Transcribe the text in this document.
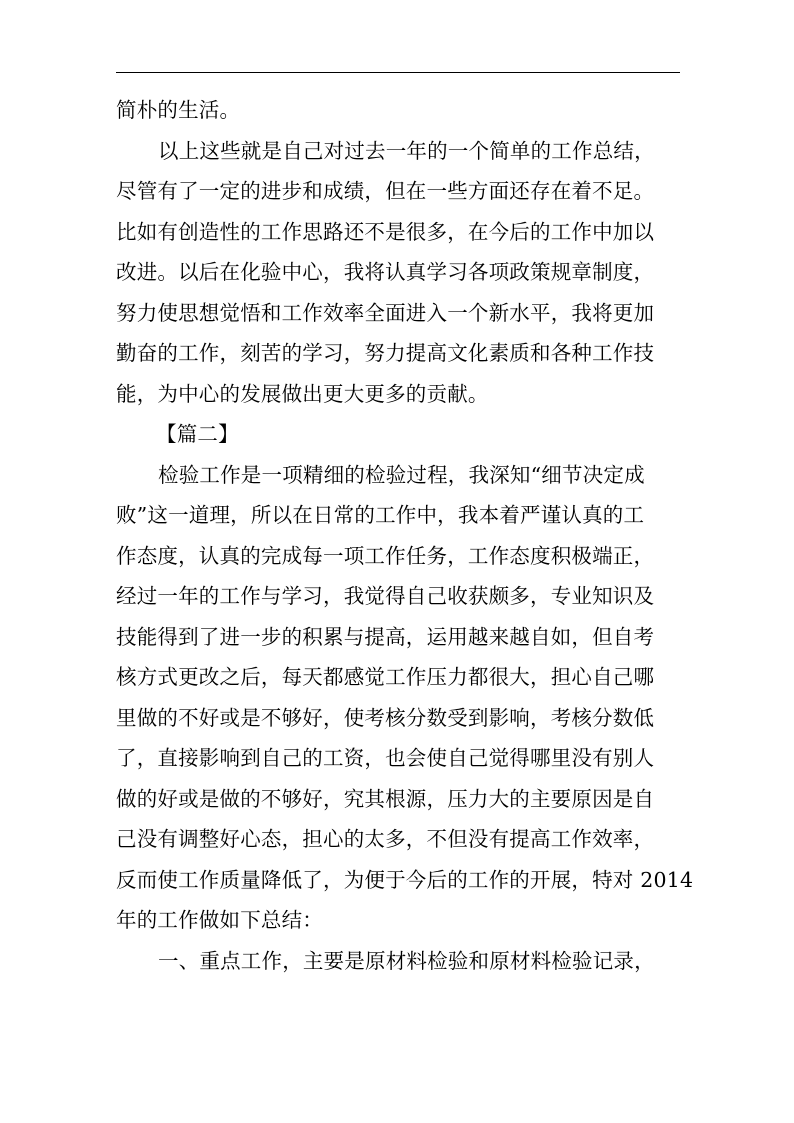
简朴的生活。
以上这些就是自己对过去一年的一个简单的工作总结，
尽管有了一定的进步和成绩，但在一些方面还存在着不足。
比如有创造性的工作思路还不是很多，在今后的工作中加以
改进。以后在化验中心，我将认真学习各项政策规章制度，
努力使思想觉悟和工作效率全面进入一个新水平，我将更加
勤奋的工作，刻苦的学习，努力提高文化素质和各种工作技
能，为中心的发展做出更大更多的贡献。
【篇二】
检验工作是一项精细的检验过程，我深知“细节决定成
败”这一道理，所以在日常的工作中，我本着严谨认真的工
作态度，认真的完成每一项工作任务，工作态度积极端正，
经过一年的工作与学习，我觉得自己收获颇多，专业知识及
技能得到了进一步的积累与提高，运用越来越自如，但自考
核方式更改之后，每天都感觉工作压力都很大，担心自己哪
里做的不好或是不够好，使考核分数受到影响，考核分数低
了，直接影响到自己的工资，也会使自己觉得哪里没有别人
做的好或是做的不够好，究其根源，压力大的主要原因是自
己没有调整好心态，担心的太多，不但没有提高工作效率，
反而使工作质量降低了，为便于今后的工作的开展，特对 2014
年的工作做如下总结：
一、重点工作，主要是原材料检验和原材料检验记录，
